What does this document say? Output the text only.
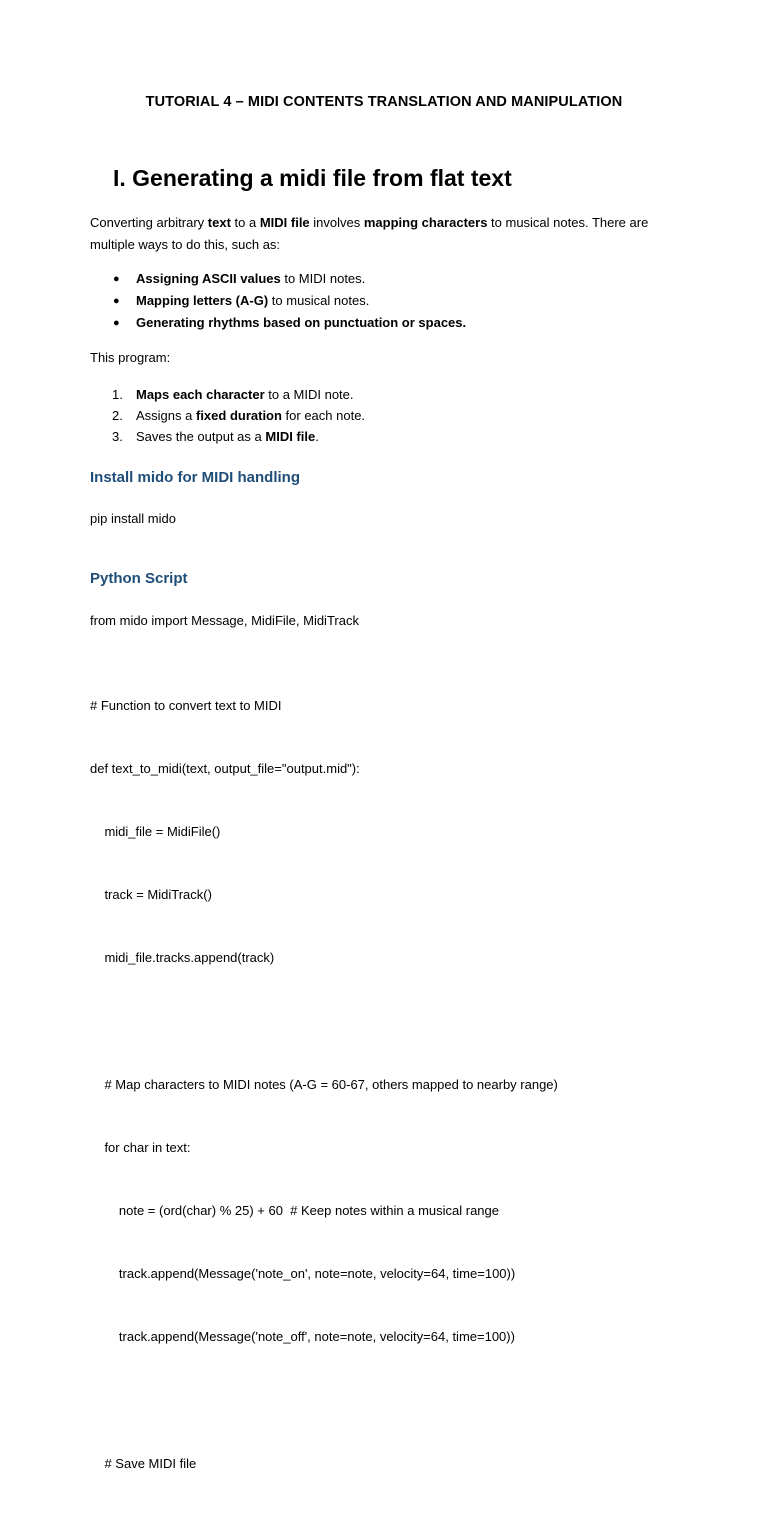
TUTORIAL 4 – MIDI CONTENTS TRANSLATION AND MANIPULATION
I. Generating a midi file from flat text
Converting arbitrary text to a MIDI file involves mapping characters to musical notes. There are
multiple ways to do this, such as:
● Assigning ASCII values to MIDI notes.
● Mapping letters (A-G) to musical notes.
● Generating rhythms based on punctuation or spaces.
This program:
1. Maps each character to a MIDI note.
2. Assigns a fixed duration for each note.
3. Saves the output as a MIDI file.
Install mido for MIDI handling
pip install mido
Python Script
from mido import Message, MidiFile, MidiTrack

# Function to convert text to MIDI

def text_to_midi(text, output_file="output.mid"):

midi_file = MidiFile()

track = MidiTrack()

midi_file.tracks.append(track)

# Map characters to MIDI notes (A-G = 60-67, others mapped to nearby range)

for char in text:

note = (ord(char) % 25) + 60  # Keep notes within a musical range

track.append(Message('note_on', note=note, velocity=64, time=100))

track.append(Message('note_off', note=note, velocity=64, time=100))

# Save MIDI file
